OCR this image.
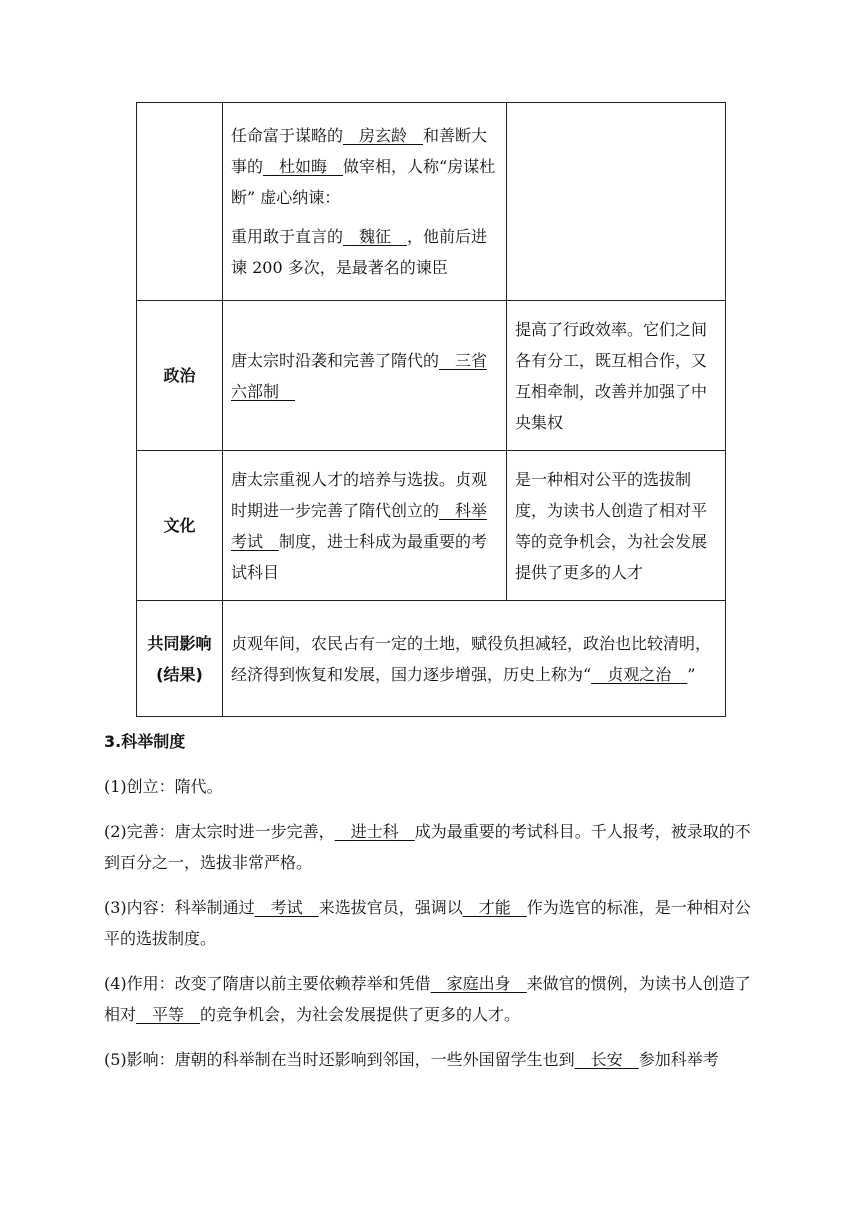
	任命富于谋略的__房玄龄__和善断大事的__杜如晦__做宰相，人称“房谋杜断” 虚心纳谏：

重用敢于直言的__魏征__，他前后进谏 200 多次，是最著名的谏臣	

政治	唐太宗时沿袭和完善了隋代的__三省六部制__	提高了行政效率。它们之间各有分工，既互相合作，又互相牵制，改善并加强了中央集权
文化	唐太宗重视人才的培养与选拔。贞观时期进一步完善了隋代创立的__科举考试__制度，进士科成为最重要的考试科目	是一种相对公平的选拔制度，为读书人创造了相对平等的竞争机会，为社会发展提供了更多的人才
共同影响
(结果)	贞观年间，农民占有一定的土地，赋役负担减轻，政治也比较清明，经济得到恢复和发展，国力逐步增强，历史上称为“__贞观之治__”	

3.科举制度

(1)创立：隋代。

(2)完善：唐太宗时进一步完善，__进士科__成为最重要的考试科目。千人报考，被录取的不到百分之一，选拔非常严格。

(3)内容：科举制通过__考试__来选拔官员，强调以__才能__作为选官的标准，是一种相对公平的选拔制度。

(4)作用：改变了隋唐以前主要依赖荐举和凭借__家庭出身__来做官的惯例，为读书人创造了相对__平等__的竞争机会，为社会发展提供了更多的人才。

(5)影响：唐朝的科举制在当时还影响到邻国，一些外国留学生也到__长安__参加科举考
